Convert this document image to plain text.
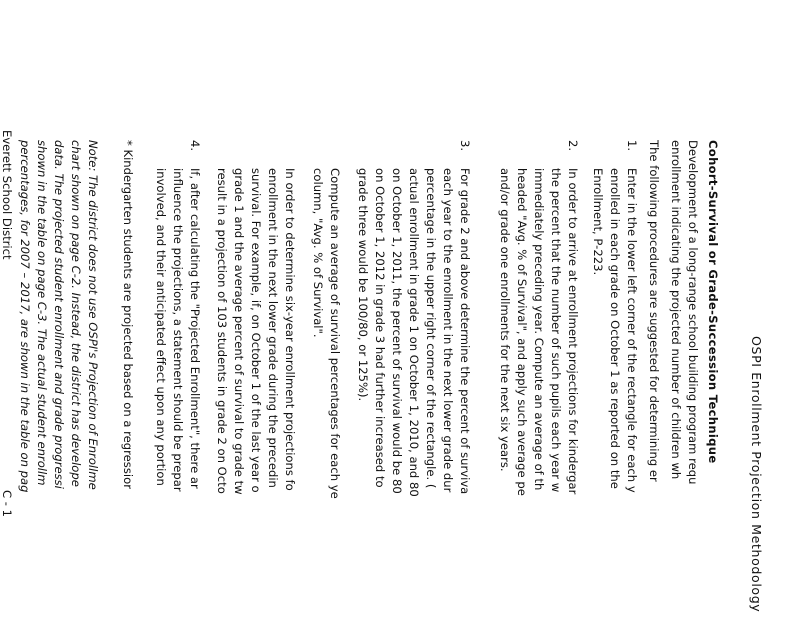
OSPI Enrollment Projection Methodology
Cohort-Survival or Grade-Succession Technique
Development of a long-range school building program requ
enrollment indicating the projected number of children wh
The following procedures are suggested for determining er
1.
Enter in the lower left corner of the rectangle for each y
enrolled in each grade on October 1 as reported on the
Enrollment, P-223.
2.
In order to arrive at enrollment projections for kindergar
the percent that the number of such pupils each year w
immediately preceding year. Compute an average of th
headed "Avg. % of Survival", and apply such average pe
and/or grade one enrollments for the next six years.
3.
For grade 2 and above determine the percent of surviva
each year to the enrollment in the next lower grade dur
percentage in the upper right corner of the rectangle. (
actual enrollment in grade 1 on October 1, 2010, and 80
on October 1, 2011, the percent of survival would be 80
on October 1, 2012 in grade 3 had further increased to
grade three would be 100/80, or 125%).
Compute an average of survival percentages for each ye
column, "Avg. % of Survival".
In order to determine six-year enrollment projections fo
enrollment in the next lower grade during the precedin
survival. For example, if, on October 1 of the last year o
grade 1 and the average percent of survival to grade tw
result in a projection of 103 students in grade 2 on Octo
4.
If, after calculating the "Projected Enrollment", there ar
influence the projections, a statement should be prepar
involved, and their anticipated effect upon any portion
* Kindergarten students are projected based on a regressior
Note: The district does not use OSPI's Projection of Enrollme
chart shown on page C-2. Instead, the district has develope
data. The projected student enrollment and grade progressi
shown in the table on page C-3. The actual student enrollm
percentages, for 2007 – 2017, are shown in the table on pag
Everett School District
C - 1
